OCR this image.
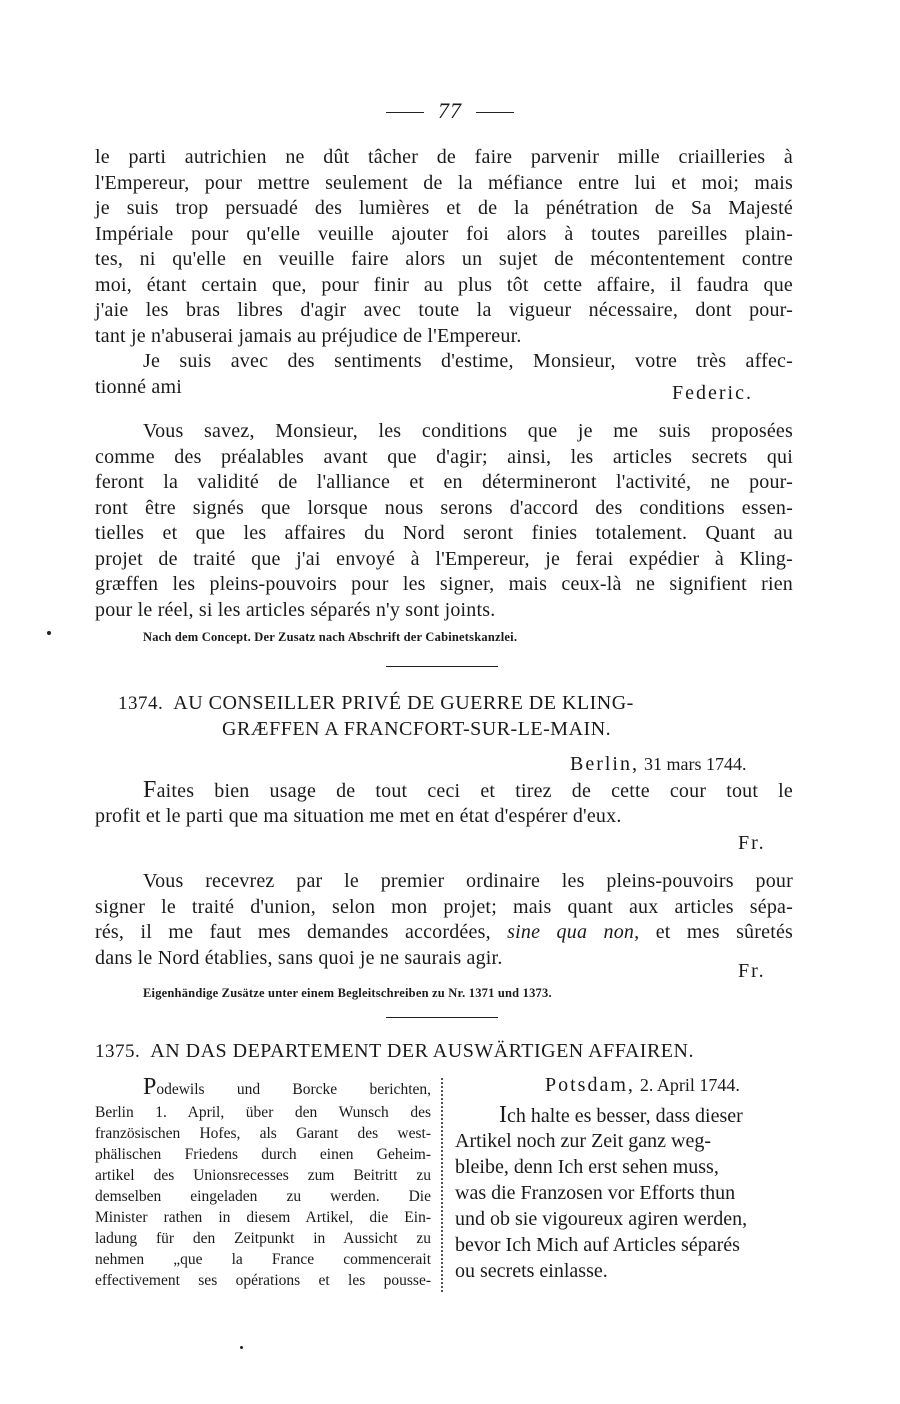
77
le parti autrichien ne dût tâcher de faire parvenir mille criailleries à
l'Empereur, pour mettre seulement de la méfiance entre lui et moi; mais
je suis trop persuadé des lumières et de la pénétration de Sa Majesté
Impériale pour qu'elle veuille ajouter foi alors à toutes pareilles plain-
tes, ni qu'elle en veuille faire alors un sujet de mécontentement contre
moi, étant certain que, pour finir au plus tôt cette affaire, il faudra que
j'aie les bras libres d'agir avec toute la vigueur nécessaire, dont pour-
tant je n'abuserai jamais au préjudice de l'Empereur.
Je suis avec des sentiments d'estime, Monsieur, votre très affec-
tionné ami	Federic.
Vous savez, Monsieur, les conditions que je me suis proposées
comme des préalables avant que d'agir; ainsi, les articles secrets qui
feront la validité de l'alliance et en détermineront l'activité, ne pour-
ront être signés que lorsque nous serons d'accord des conditions essen-
tielles et que les affaires du Nord seront finies totalement. Quant au
projet de traité que j'ai envoyé à l'Empereur, je ferai expédier à Kling-
græffen les pleins-pouvoirs pour les signer, mais ceux-là ne signifient rien
pour le réel, si les articles séparés n'y sont joints.
Nach dem Concept. Der Zusatz nach Abschrift der Cabinetskanzlei.
1374. AU CONSEILLER PRIVÉ DE GUERRE DE KLING-
GRÆFFEN A FRANCFORT-SUR-LE-MAIN.
Berlin, 31 mars 1744.
Faites bien usage de tout ceci et tirez de cette cour tout le
profit et le parti que ma situation me met en état d'espérer d'eux.
Fr.
Vous recevrez par le premier ordinaire les pleins-pouvoirs pour
signer le traité d'union, selon mon projet; mais quant aux articles sépa-
rés, il me faut mes demandes accordées, sine qua non, et mes sûretés
dans le Nord établies, sans quoi je ne saurais agir.
Fr.
Eigenhändige Zusätze unter einem Begleitschreiben zu Nr. 1371 und 1373.
1375. AN DAS DEPARTEMENT DER AUSWÄRTIGEN AFFAIREN.
Podewils und Borcke berichten,
Berlin 1. April, über den Wunsch des
französischen Hofes, als Garant des west-
phälischen Friedens durch einen Geheim-
artikel des Unionsrecesses zum Beitritt zu
demselben eingeladen zu werden. Die
Minister rathen in diesem Artikel, die Ein-
ladung für den Zeitpunkt in Aussicht zu
nehmen „que la France commencerait
effectivement ses opérations et les pousse-
Potsdam, 2. April 1744.
Ich halte es besser, dass dieser
Artikel noch zur Zeit ganz weg-
bleibe, denn Ich erst sehen muss,
was die Franzosen vor Efforts thun
und ob sie vigoureux agiren werden,
bevor Ich Mich auf Articles séparés
ou secrets einlasse.
